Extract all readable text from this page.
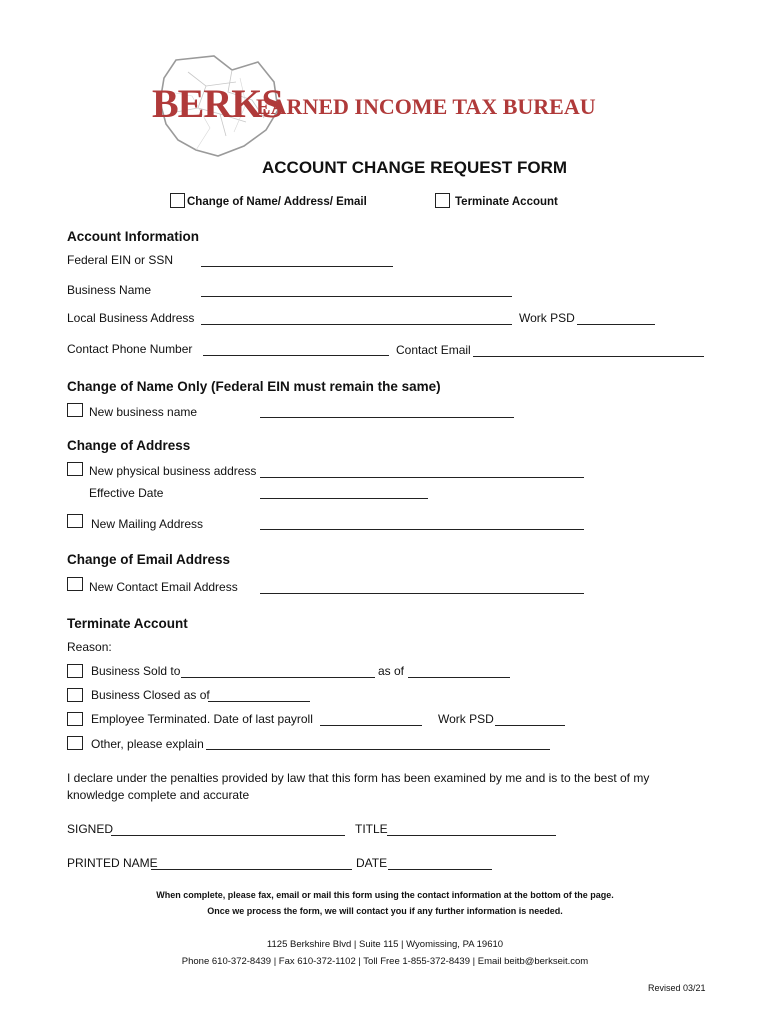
BERKS
EARNED INCOME TAX BUREAU
ACCOUNT CHANGE REQUEST FORM
Change of Name/ Address/ Email	Terminate Account
Account Information
Federal EIN or SSN
Business Name
Local Business Address	Work PSD
Contact Phone Number	Contact Email
Change of Name Only (Federal EIN must remain the same)
New business name
Change of Address
New physical business address
Effective Date
New Mailing Address
Change of Email Address
New Contact Email Address
Terminate Account
Reason:
Business Sold to	as of
Business Closed as of
Employee Terminated. Date of last payroll	Work PSD
Other, please explain
I declare under the penalties provided by law that this form has been examined by me and is to the best of my
knowledge complete and accurate
SIGNED	TITLE
PRINTED NAME	DATE
When complete, please fax, email or mail this form using the contact information at the bottom of the page.
Once we process the form, we will contact you if any further information is needed.
1125 Berkshire Blvd | Suite 115 | Wyomissing, PA 19610
Phone 610-372-8439 | Fax 610-372-1102 | Toll Free 1-855-372-8439 | Email beitb@berkseit.com
Revised 03/21
